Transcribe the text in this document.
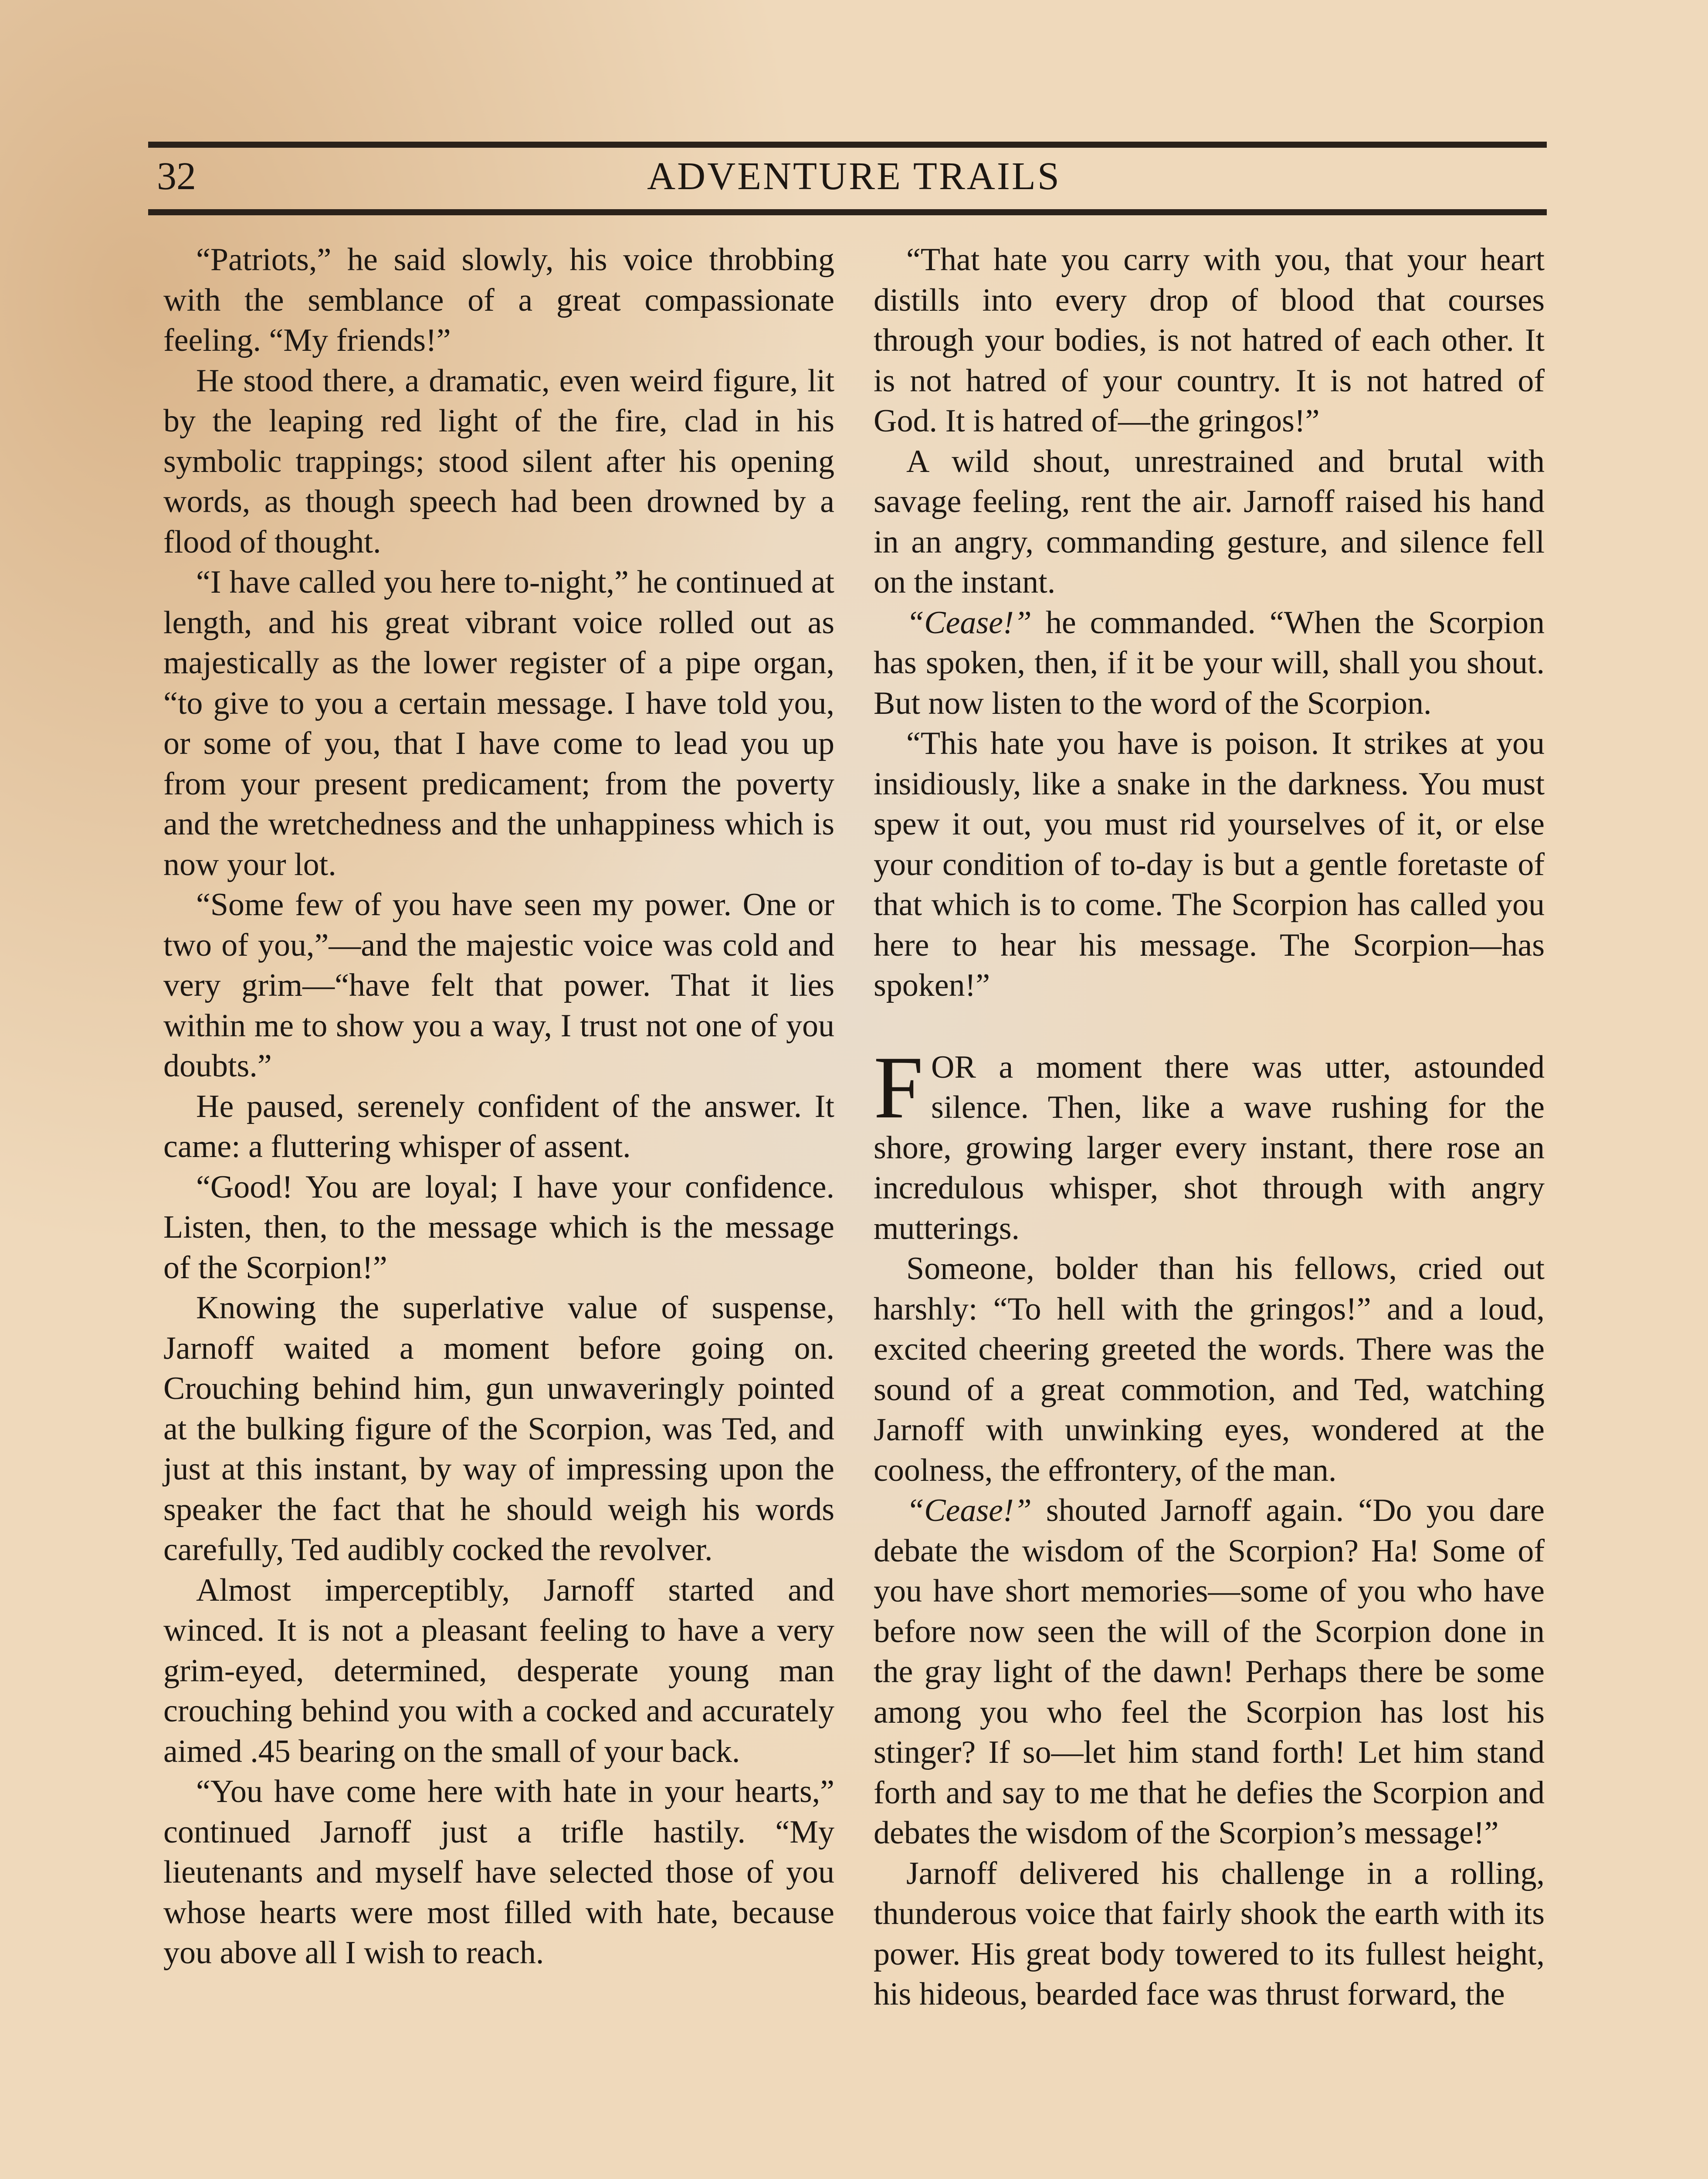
32	ADVENTURE TRAILS

“Patriots,” he said slowly, his voice throbbing with the semblance of a great compassionate feeling. “My friends!”

He stood there, a dramatic, even weird figure, lit by the leaping red light of the fire, clad in his symbolic trappings; stood silent after his opening words, as though speech had been drowned by a flood of thought.

“I have called you here to-night,” he continued at length, and his great vibrant voice rolled out as majestically as the lower register of a pipe organ, “to give to you a certain message. I have told you, or some of you, that I have come to lead you up from your present predicament; from the poverty and the wretchedness and the unhappiness which is now your lot.

“Some few of you have seen my power. One or two of you,”—and the majestic voice was cold and very grim—“have felt that power. That it lies within me to show you a way, I trust not one of you doubts.”

He paused, serenely confident of the answer. It came: a fluttering whisper of assent.

“Good! You are loyal; I have your confidence. Listen, then, to the message which is the message of the Scorpion!”

Knowing the superlative value of suspense, Jarnoff waited a moment before going on. Crouching behind him, gun unwaveringly pointed at the bulking figure of the Scorpion, was Ted, and just at this instant, by way of impressing upon the speaker the fact that he should weigh his words carefully, Ted audibly cocked the revolver.

Almost imperceptibly, Jarnoff started and winced. It is not a pleasant feeling to have a very grim-eyed, determined, desperate young man crouching behind you with a cocked and accurately aimed .45 bearing on the small of your back.

“You have come here with hate in your hearts,” continued Jarnoff just a trifle hastily. “My lieutenants and myself have selected those of you whose hearts were most filled with hate, because you above all I wish to reach.

“That hate you carry with you, that your heart distills into every drop of blood that courses through your bodies, is not hatred of each other. It is not hatred of your country. It is not hatred of God. It is hatred of—the gringos!”

A wild shout, unrestrained and brutal with savage feeling, rent the air. Jarnoff raised his hand in an angry, commanding gesture, and silence fell on the instant.

“Cease!” he commanded. “When the Scorpion has spoken, then, if it be your will, shall you shout. But now listen to the word of the Scorpion.

“This hate you have is poison. It strikes at you insidiously, like a snake in the darkness. You must spew it out, you must rid yourselves of it, or else your condition of to-day is but a gentle foretaste of that which is to come. The Scorpion has called you here to hear his message. The Scorpion—has spoken!”

FOR a moment there was utter, astounded silence. Then, like a wave rushing for the shore, growing larger every instant, there rose an incredulous whisper, shot through with angry mutterings.

Someone, bolder than his fellows, cried out harshly: “To hell with the gringos!” and a loud, excited cheering greeted the words. There was the sound of a great commotion, and Ted, watching Jarnoff with unwinking eyes, wondered at the coolness, the effrontery, of the man.

“Cease!” shouted Jarnoff again. “Do you dare debate the wisdom of the Scorpion? Ha! Some of you have short memories—some of you who have before now seen the will of the Scorpion done in the gray light of the dawn! Perhaps there be some among you who feel the Scorpion has lost his stinger? If so—let him stand forth! Let him stand forth and say to me that he defies the Scorpion and debates the wisdom of the Scorpion’s message!”

Jarnoff delivered his challenge in a rolling, thunderous voice that fairly shook the earth with its power. His great body towered to its fullest height, his hideous, bearded face was thrust forward, the
